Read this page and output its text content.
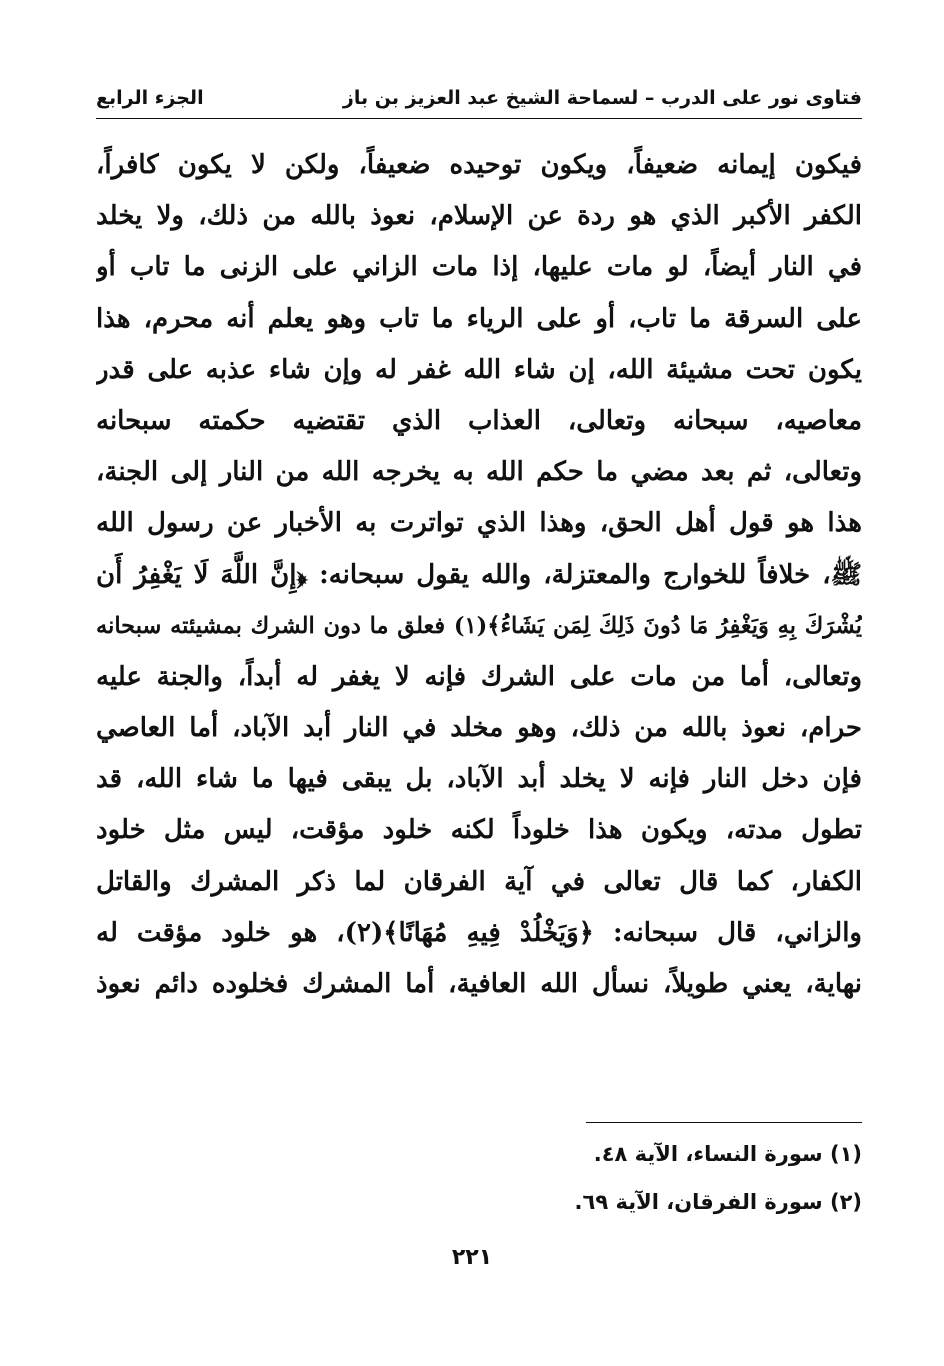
فتاوى نور على الدرب – لسماحة الشيخ عبد العزيز بن باز
الجزء الرابع
فيكون إيمانه ضعيفاً، ويكون توحيده ضعيفاً، ولكن لا يكون كافراً،
الكفر الأكبر الذي هو ردة عن الإسلام، نعوذ بالله من ذلك، ولا يخلد
في النار أيضاً، لو مات عليها، إذا مات الزاني على الزنى ما تاب أو
على السرقة ما تاب، أو على الرياء ما تاب وهو يعلم أنه محرم، هذا
يكون تحت مشيئة الله، إن شاء الله غفر له وإن شاء عذبه على قدر
معاصيه، سبحانه وتعالى، العذاب الذي تقتضيه حكمته سبحانه
وتعالى، ثم بعد مضي ما حكم الله به يخرجه الله من النار إلى الجنة،
هذا هو قول أهل الحق، وهذا الذي تواترت به الأخبار عن رسول الله
ﷺ، خلافاً للخوارج والمعتزلة، والله يقول سبحانه: ﴿إِنَّ اللَّهَ لَا يَغْفِرُ أَن
يُشْرَكَ بِهِ وَيَغْفِرُ مَا دُونَ ذَلِكَ لِمَن يَشَاءُ﴾(١) فعلق ما دون الشرك بمشيئته سبحانه
وتعالى، أما من مات على الشرك فإنه لا يغفر له أبداً، والجنة عليه
حرام، نعوذ بالله من ذلك، وهو مخلد في النار أبد الآباد، أما العاصي
فإن دخل النار فإنه لا يخلد أبد الآباد، بل يبقى فيها ما شاء الله، قد
تطول مدته، ويكون هذا خلوداً لكنه خلود مؤقت، ليس مثل خلود
الكفار، كما قال تعالى في آية الفرقان لما ذكر المشرك والقاتل
والزاني، قال سبحانه: ﴿وَيَخْلُدْ فِيهِ مُهَانًا﴾(٢)، هو خلود مؤقت له
نهاية، يعني طويلاً، نسأل الله العافية، أما المشرك فخلوده دائم نعوذ
(١) سورة النساء، الآية ٤٨.
(٢) سورة الفرقان، الآية ٦٩.
٢٢١
